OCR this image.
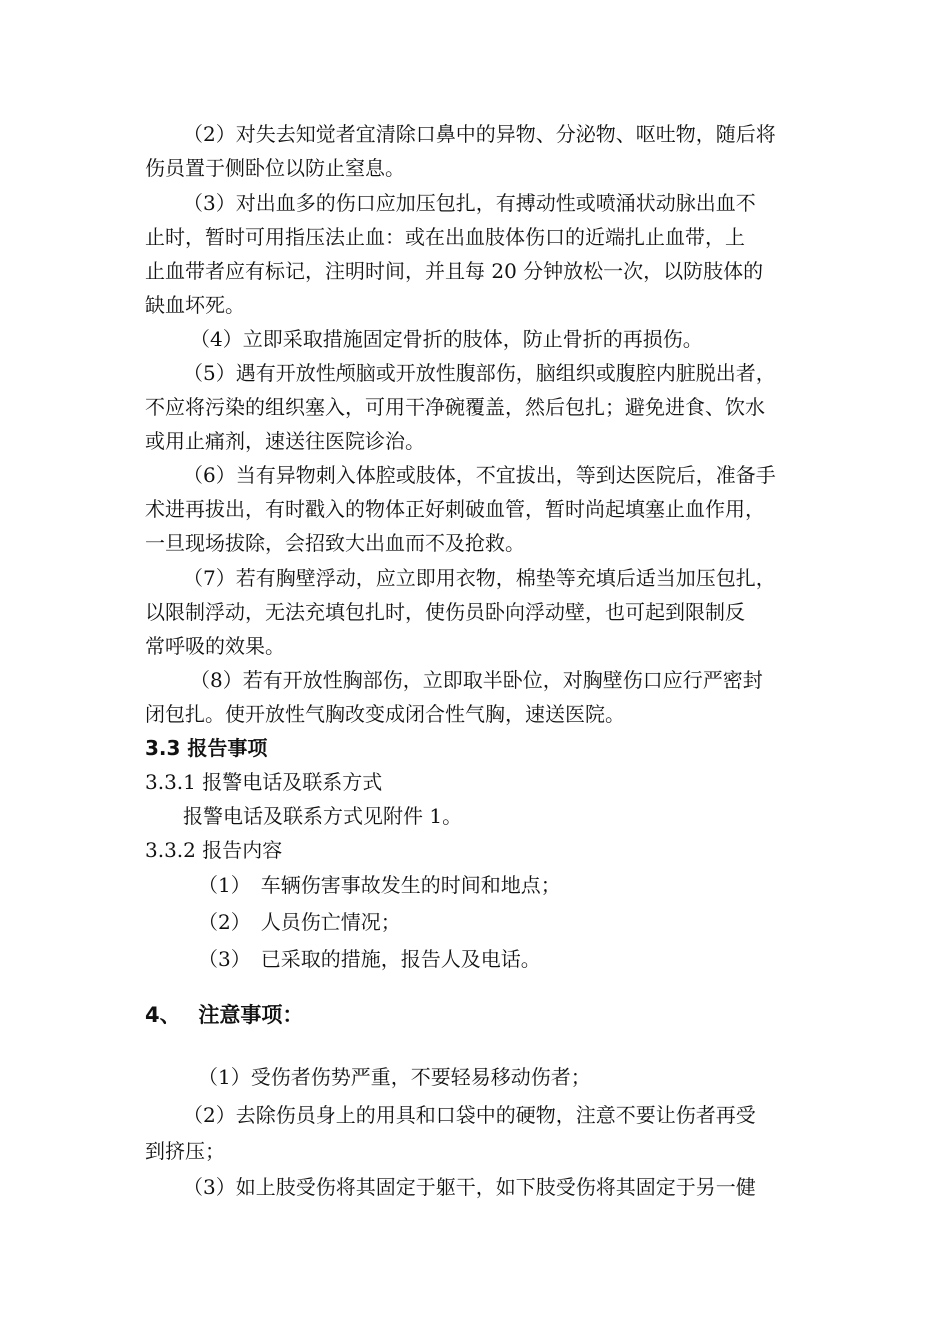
（2）对失去知觉者宜清除口鼻中的异物、分泌物、呕吐物，随后将
伤员置于侧卧位以防止窒息。
（3）对出血多的伤口应加压包扎，有搏动性或喷涌状动脉出血不
止时，暂时可用指压法止血：或在出血肢体伤口的近端扎止血带，上
止血带者应有标记，注明时间，并且每 20 分钟放松一次，以防肢体的
缺血坏死。
（4）立即采取措施固定骨折的肢体，防止骨折的再损伤。
（5）遇有开放性颅脑或开放性腹部伤，脑组织或腹腔内脏脱出者，
不应将污染的组织塞入，可用干净碗覆盖，然后包扎；避免进食、饮水
或用止痛剂，速送往医院诊治。
（6）当有异物刺入体腔或肢体，不宜拔出，等到达医院后，准备手
术进再拔出，有时戳入的物体正好刺破血管，暂时尚起填塞止血作用，
一旦现场拔除，会招致大出血而不及抢救。
（7）若有胸壁浮动，应立即用衣物，棉垫等充填后适当加压包扎，
以限制浮动，无法充填包扎时，使伤员卧向浮动壁，也可起到限制反
常呼吸的效果。
（8）若有开放性胸部伤，立即取半卧位，对胸壁伤口应行严密封
闭包扎。使开放性气胸改变成闭合性气胸，速送医院。
3.3 报告事项
3.3.1 报警电话及联系方式
报警电话及联系方式见附件 1。
3.3.2 报告内容
（1）　车辆伤害事故发生的时间和地点；
（2）　人员伤亡情况；
（3）　已采取的措施，报告人及电话。
4、　 注意事项：
（1）受伤者伤势严重，不要轻易移动伤者；
（2）去除伤员身上的用具和口袋中的硬物，注意不要让伤者再受
到挤压；
（3）如上肢受伤将其固定于躯干，如下肢受伤将其固定于另一健
